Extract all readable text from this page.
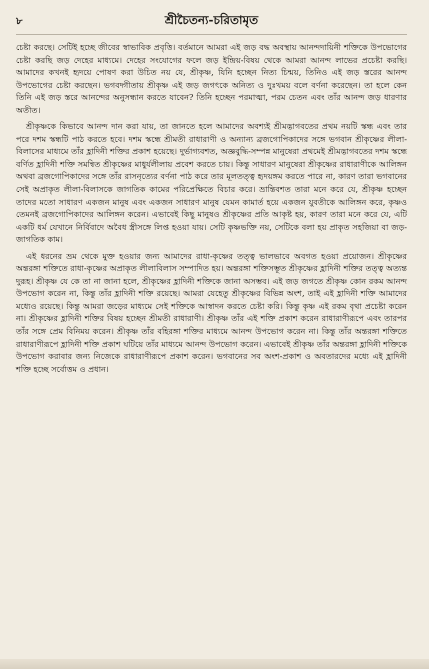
৮	শ্রীচৈতন্য-চরিতামৃত

চেষ্টা করছে। সেটিই হচ্ছে জীবের স্বাভাবিক প্রবৃত্তি। বর্তমানে আমরা এই জড় বদ্ধ অবস্থায় আনন্দদায়িনী শক্তিকে উপভোগের চেষ্টা করছি জড় দেহের মাধ্যমে। দেহের সংযোগের ফলে জড় ইন্দ্রিয়-বিষয় থেকে আমরা আনন্দ লাভের প্রচেষ্টা করছি। আমাদের কখনই হৃদয়ে পোষণ করা উচিত নয় যে, শ্রীকৃষ্ণ, যিনি হচ্ছেন নিত্য চিন্ময়, তিনিও এই জড় স্তরের আনন্দ উপভোগের চেষ্টা করছেন। ভগবদ্গীতায় শ্রীকৃষ্ণ এই জড় জগৎকে অনিত্য ও দুঃখময় বলে বর্ণনা করেছেন। তা হলে কেন তিনি এই জড় স্তরে আনন্দের অনুসন্ধান করতে যাবেন? তিনি হচ্ছেন পরমাত্মা, পরম চেতন এবং তাঁর আনন্দ জড় ধারণার অতীত।

শ্রীকৃষ্ণকে কিভাবে আনন্দ দান করা যায়, তা জানতে হলে আমাদের অবশ্যই শ্রীমদ্ভাগবতের প্রথম নয়টি স্কন্ধ এবং তার পরে দশম স্কন্ধটি পাঠ করতে হবে। দশম স্কন্ধে শ্রীমতী রাধারাণী ও অন্যান্য ব্রজগোপিকাদের সঙ্গে ভগবান শ্রীকৃষ্ণের লীলা-বিলাসের মাধ্যমে তাঁর হ্লাদিনী শক্তির প্রকাশ হয়েছে। দুর্ভাগ্যবশত, অজ্ঞবুদ্ধি-সম্পন্ন মানুষেরা প্রথমেই শ্রীমদ্ভাগবতের দশম স্কন্ধে বর্ণিত হ্লাদিনী শক্তি সমন্বিত শ্রীকৃষ্ণের মাধুর্যলীলায় প্রবেশ করতে চায়। কিন্তু সাধারণ মানুষেরা শ্রীকৃষ্ণের রাধারাণীকে আলিঙ্গন অথবা ব্রজগোপিকাদের সঙ্গে তাঁর রাসনৃত্যের বর্ণনা পাঠ করে তার মূলতত্ত্ব হৃদয়ঙ্গম করতে পারে না, কারণ তারা ভগবানের সেই অপ্রাকৃত লীলা-বিলাসকে জাগতিক কামের পরিপ্রেক্ষিতে বিচার করে। ভ্রান্তিবশত তারা মনে করে যে, শ্রীকৃষ্ণ হচ্ছেন তাদের মতো সাধারণ একজন মানুষ এবং একজন সাধারণ মানুষ যেমন কামার্ত হয়ে একজন যুবতীকে আলিঙ্গন করে, কৃষ্ণও তেমনই ব্রজগোপিকাদের আলিঙ্গন করেন। এভাবেই কিছু মানুষও শ্রীকৃষ্ণের প্রতি আকৃষ্ট হয়, কারণ তারা মনে করে যে, এটি একটি ধর্ম যেখানে নির্বিবাদে অবৈধ স্ত্রীসঙ্গে লিপ্ত হওয়া যায়। সেটি কৃষ্ণভক্তি নয়, সেটিকে বলা হয় প্রাকৃত সহজিয়া বা জড়-জাগতিক কাম।

এই ধরনের ভ্রম থেকে মুক্ত হওয়ার জন্য আমাদের রাধা-কৃষ্ণের তত্ত্ব ভালভাবে অবগত হওয়া প্রয়োজন। শ্রীকৃষ্ণের অন্তরঙ্গা শক্তিতে রাধা-কৃষ্ণের অপ্রাকৃত লীলাবিলাস সম্পাদিত হয়। অন্তরঙ্গা শক্তিসম্ভূত শ্রীকৃষ্ণের হ্লাদিনী শক্তির তত্ত্ব অত্যন্ত দুরূহ। শ্রীকৃষ্ণ যে কে তা না জানা হলে, শ্রীকৃষ্ণের হ্লাদিনী শক্তিকে জানা অসম্ভব। এই জড় জগতে শ্রীকৃষ্ণ কোন রকম আনন্দ উপভোগ করেন না, কিন্তু তাঁর হ্লাদিনী শক্তি রয়েছে। আমরা যেহেতু শ্রীকৃষ্ণের বিভিন্ন অংশ, তাই এই হ্লাদিনী শক্তি আমাদের মধ্যেও রয়েছে। কিন্তু আমরা জড়ের মাধ্যমে সেই শক্তিকে আস্বাদন করতে চেষ্টা করি। কিন্তু কৃষ্ণ এই রকম বৃথা প্রচেষ্টা করেন না। শ্রীকৃষ্ণের হ্লাদিনী শক্তির বিষয় হচ্ছেন শ্রীমতী রাধারাণী। শ্রীকৃষ্ণ তাঁর এই শক্তি প্রকাশ করেন রাধারাণীরূপে এবং তারপর তাঁর সঙ্গে প্রেম বিনিময় করেন। শ্রীকৃষ্ণ তাঁর বহিরঙ্গা শক্তির মাধ্যমে আনন্দ উপভোগ করেন না। কিন্তু তাঁর অন্তরঙ্গা শক্তিতে রাধারাণীরূপে হ্লাদিনী শক্তি প্রকাশ ঘটিয়ে তাঁর মাধ্যমে আনন্দ উপভোগ করেন। এভাবেই শ্রীকৃষ্ণ তাঁর অন্তরঙ্গা হ্লাদিনী শক্তিকে উপভোগ করাবার জন্য নিজেকে রাধারাণীরূপে প্রকাশ করেন। ভগবানের সব অংশ-প্রকাশ ও অবতারদের মধ্যে এই হ্লাদিনী শক্তি হচ্ছে সর্বোত্তম ও প্রধান।
